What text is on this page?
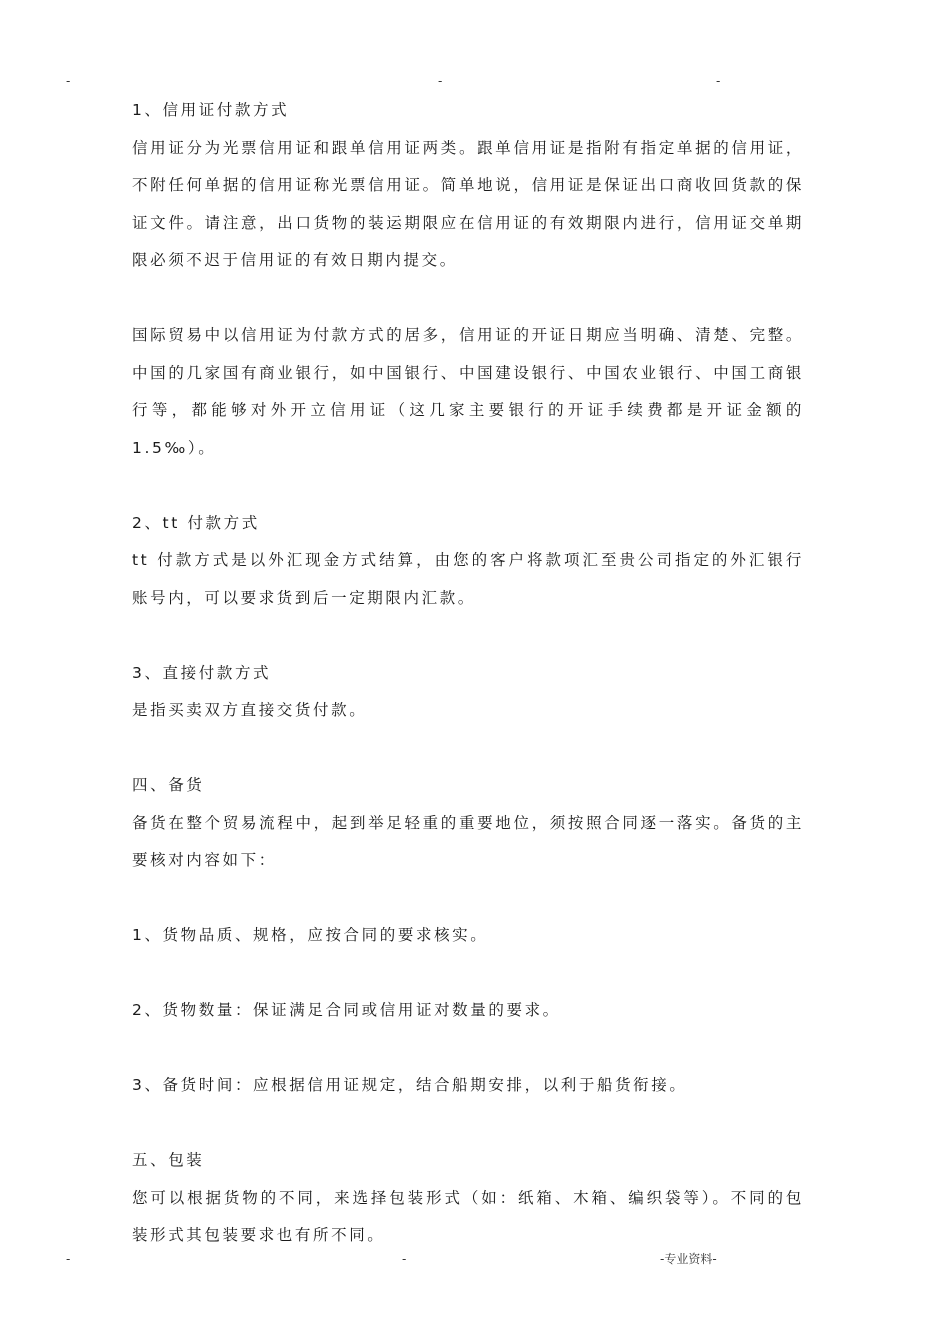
-	-	-

1、信用证付款方式

信用证分为光票信用证和跟单信用证两类。跟单信用证是指附有指定单据的信用证，不附任何单据的信用证称光票信用证。简单地说，信用证是保证出口商收回货款的保证文件。请注意，出口货物的装运期限应在信用证的有效期限内进行，信用证交单期限必须不迟于信用证的有效日期内提交。

国际贸易中以信用证为付款方式的居多，信用证的开证日期应当明确、清楚、完整。中国的几家国有商业银行，如中国银行、中国建设银行、中国农业银行、中国工商银行等，都能够对外开立信用证（这几家主要银行的开证手续费都是开证金额的1.5‰）。

2、tt 付款方式

tt 付款方式是以外汇现金方式结算，由您的客户将款项汇至贵公司指定的外汇银行账号内，可以要求货到后一定期限内汇款。

3、直接付款方式

是指买卖双方直接交货付款。

四、备货

备货在整个贸易流程中，起到举足轻重的重要地位，须按照合同逐一落实。备货的主要核对内容如下：

1、货物品质、规格，应按合同的要求核实。

2、货物数量：保证满足合同或信用证对数量的要求。

3、备货时间：应根据信用证规定，结合船期安排，以利于船货衔接。

五、包装

您可以根据货物的不同，来选择包装形式（如：纸箱、木箱、编织袋等）。不同的包装形式其包装要求也有所不同。

-	-	-专业资料-
